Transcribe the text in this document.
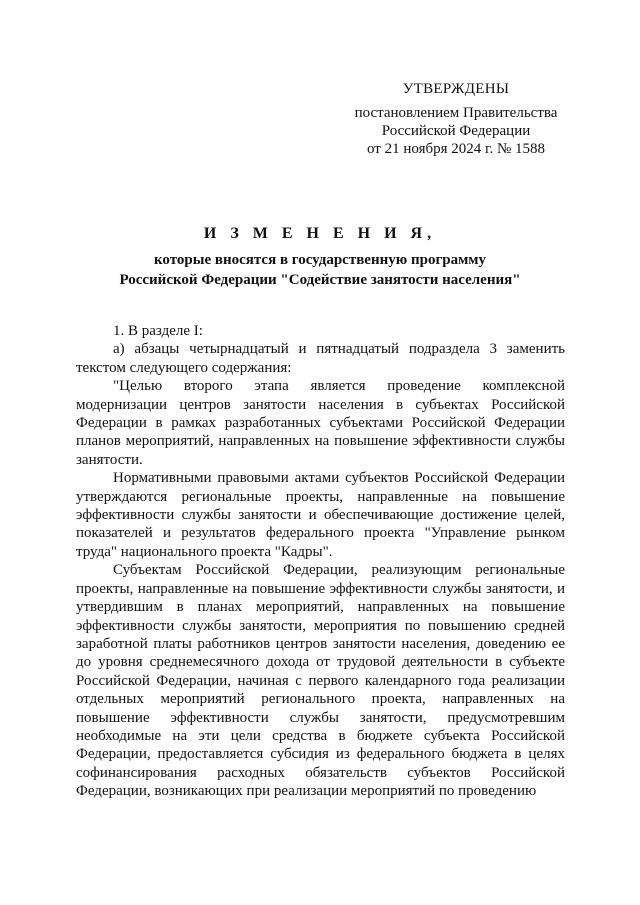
УТВЕРЖДЕНЫ
постановлением Правительства
Российской Федерации
от 21 ноября 2024 г. № 1588
И З М Е Н Е Н И Я,
которые вносятся в государственную программу
Российской Федерации "Содействие занятости населения"

1. В разделе I:

а) абзацы четырнадцатый и пятнадцатый подраздела 3 заменить текстом следующего содержания:

"Целью второго этапа является проведение комплексной модернизации центров занятости населения в субъектах Российской Федерации в рамках разработанных субъектами Российской Федерации планов мероприятий, направленных на повышение эффективности службы занятости.

Нормативными правовыми актами субъектов Российской Федерации утверждаются региональные проекты, направленные на повышение эффективности службы занятости и обеспечивающие достижение целей, показателей и результатов федерального проекта "Управление рынком труда" национального проекта "Кадры".

Субъектам Российской Федерации, реализующим региональные проекты, направленные на повышение эффективности службы занятости, и утвердившим в планах мероприятий, направленных на повышение эффективности службы занятости, мероприятия по повышению средней заработной платы работников центров занятости населения, доведению ее до уровня среднемесячного дохода от трудовой деятельности в субъекте Российской Федерации, начиная с первого календарного года реализации отдельных мероприятий регионального проекта, направленных на повышение эффективности службы занятости, предусмотревшим необходимые на эти цели средства в бюджете субъекта Российской Федерации, предоставляется субсидия из федерального бюджета в целях софинансирования расходных обязательств субъектов Российской Федерации, возникающих при реализации мероприятий по проведению
